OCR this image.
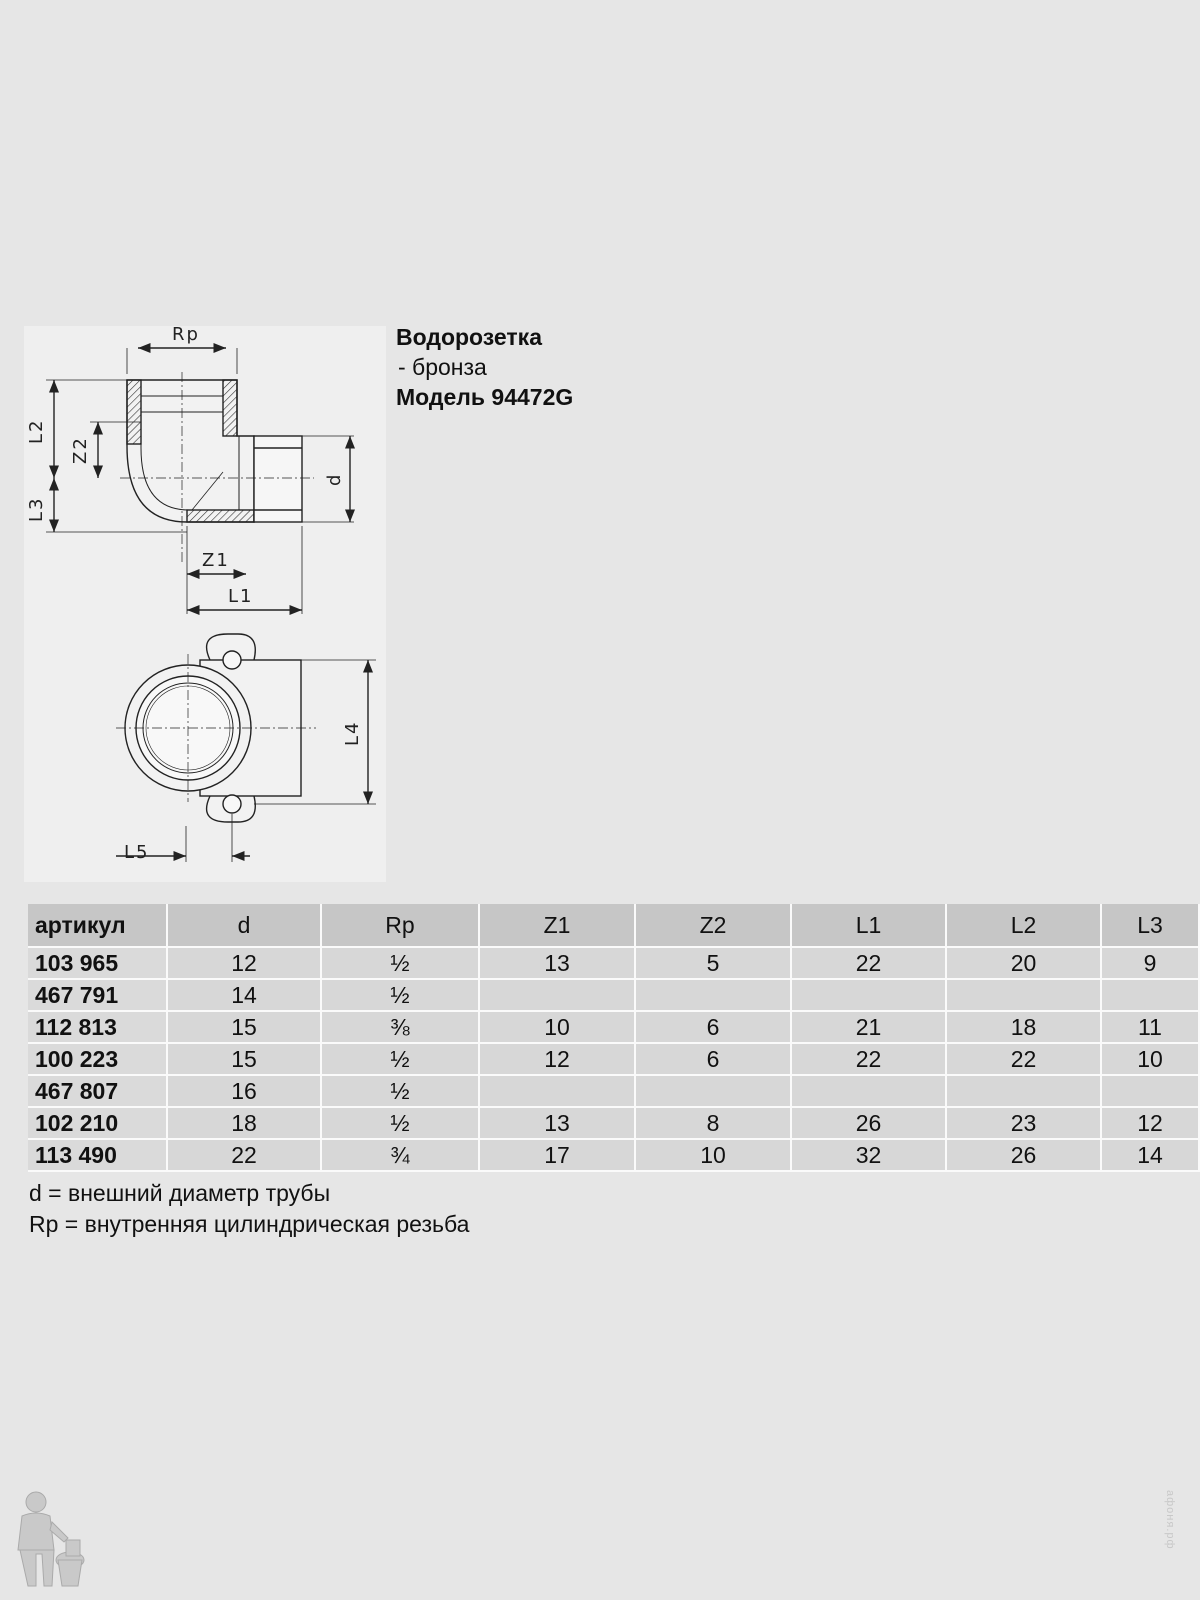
Rp
L2
Z2
L3
d
Z1
L1
L4
L5
Водорозетка
- бронза
Модель 94472G
артикул	d	Rp	Z1	Z2	L1	L2	L3
103 965	12	½	13	5	22	20	9
467 791	14	½					
112 813	15	⅜	10	6	21	18	11
100 223	15	½	12	6	22	22	10
467 807	16	½					
102 210	18	½	13	8	26	23	12
113 490	22	¾	17	10	32	26	14
d = внешний диаметр трубы
Rp = внутренняя цилиндрическая резьба
афоня.рф
